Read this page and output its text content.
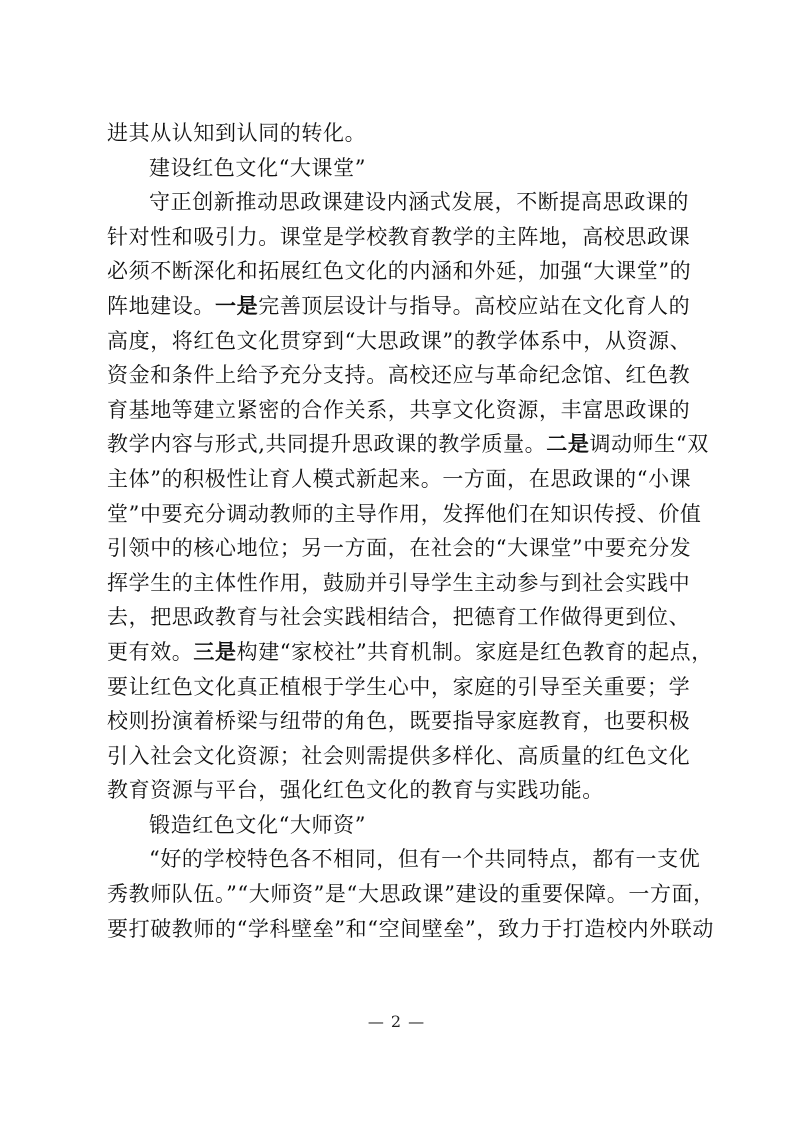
进其从认知到认同的转化。
建设红色文化“大课堂”
守正创新推动思政课建设内涵式发展，不断提高思政课的
针对性和吸引力。课堂是学校教育教学的主阵地，高校思政课
必须不断深化和拓展红色文化的内涵和外延，加强“大课堂”的
阵地建设。一是完善顶层设计与指导。高校应站在文化育人的
高度，将红色文化贯穿到“大思政课”的教学体系中，从资源、
资金和条件上给予充分支持。高校还应与革命纪念馆、红色教
育基地等建立紧密的合作关系，共享文化资源，丰富思政课的
教学内容与形式,共同提升思政课的教学质量。二是调动师生“双
主体”的积极性让育人模式新起来。一方面，在思政课的“小课
堂”中要充分调动教师的主导作用，发挥他们在知识传授、价值
引领中的核心地位；另一方面，在社会的“大课堂”中要充分发
挥学生的主体性作用，鼓励并引导学生主动参与到社会实践中
去，把思政教育与社会实践相结合，把德育工作做得更到位、
更有效。三是构建“家校社”共育机制。家庭是红色教育的起点，
要让红色文化真正植根于学生心中，家庭的引导至关重要；学
校则扮演着桥梁与纽带的角色，既要指导家庭教育，也要积极
引入社会文化资源；社会则需提供多样化、高质量的红色文化
教育资源与平台，强化红色文化的教育与实践功能。
锻造红色文化“大师资”
“好的学校特色各不相同，但有一个共同特点，都有一支优
秀教师队伍。”“大师资”是“大思政课”建设的重要保障。一方面，
要打破教师的“学科壁垒”和“空间壁垒”，致力于打造校内外联动
— 2 —
